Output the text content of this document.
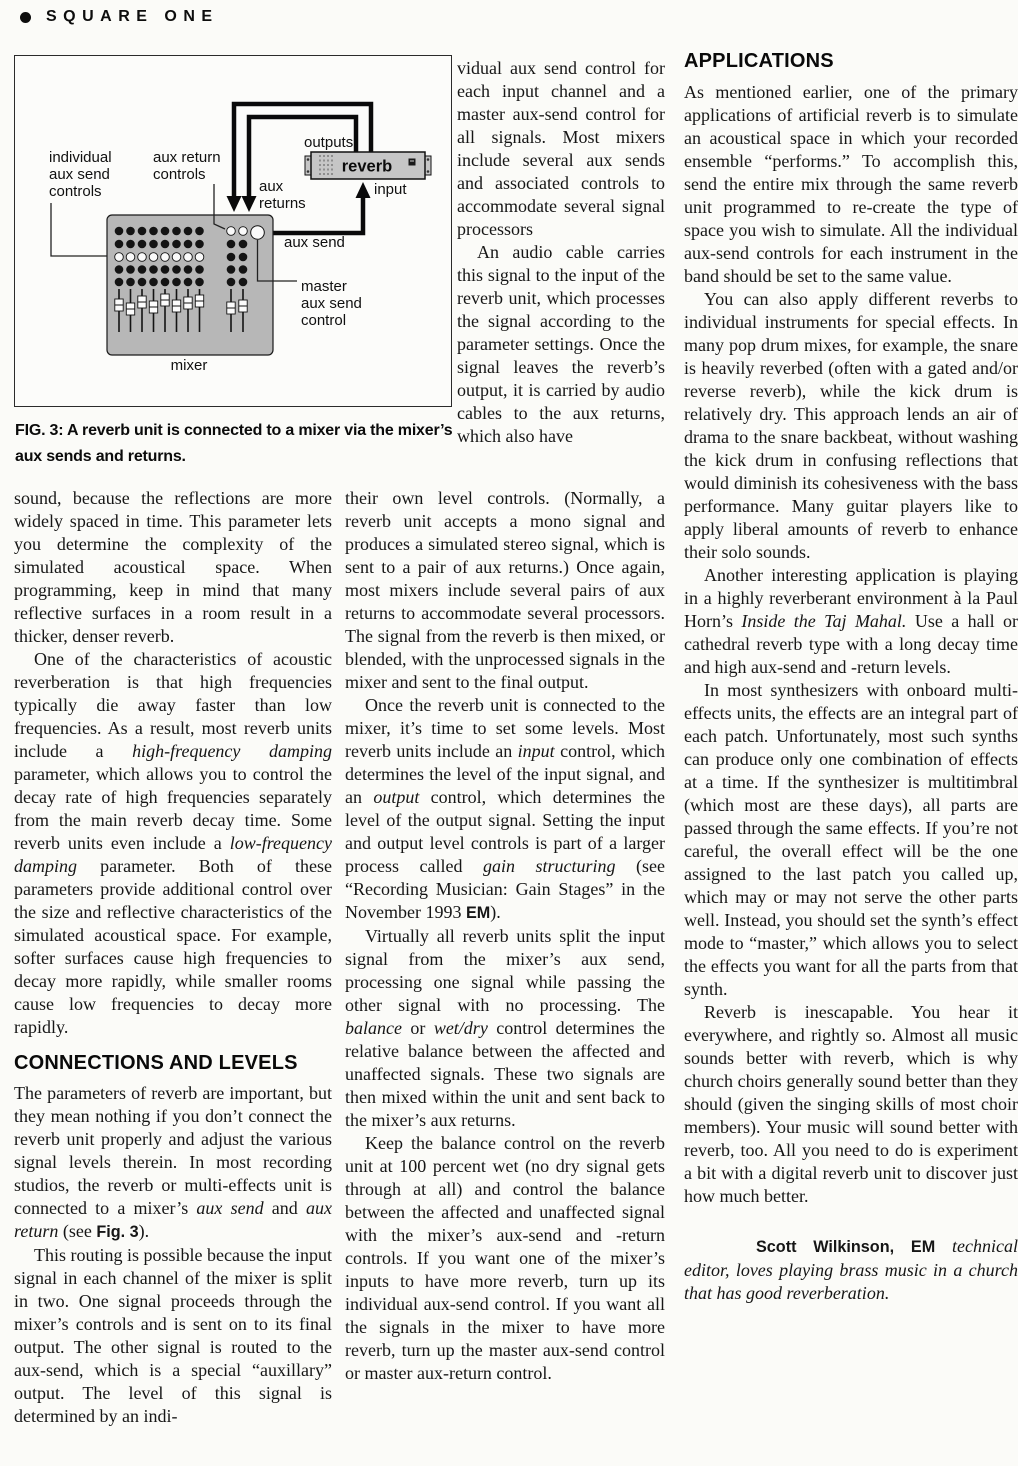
SQUARE ONE
reverb
individual
aux send
controls
aux return
controls
outputs
aux
returns
input
aux send
master
aux send
control
mixer

FIG. 3: A reverb unit is connected to a mixer via the mixer’s aux sends and returns.

sound, because the reflections are more widely spaced in time. This parameter lets you determine the complexity of the simulated acoustical space. When programming, keep in mind that many reflective surfaces in a room result in a thicker, denser reverb.

One of the characteristics of acoustic reverberation is that high frequencies typically die away faster than low frequencies. As a result, most reverb units include a high-frequency damping parameter, which allows you to control the decay rate of high frequencies separately from the main reverb decay time. Some reverb units even include a low-frequency damping parameter. Both of these parameters provide additional control over the size and reflective characteristics of the simulated acoustical space. For example, softer surfaces cause high frequencies to decay more rapidly, while smaller rooms cause low frequencies to decay more rapidly.

CONNECTIONS AND LEVELS

The parameters of reverb are important, but they mean nothing if you don’t connect the reverb unit properly and adjust the various signal levels therein. In most recording studios, the reverb or multi-effects unit is connected to a mixer’s aux send and aux return (see Fig. 3).

This routing is possible because the input signal in each channel of the mixer is split in two. One signal proceeds through the mixer’s controls and is sent on to its final output. The other signal is routed to the aux-send, which is a special “auxillary” output. The level of this signal is determined by an indi-

vidual aux send control for each input channel and a master aux-send control for all signals. Most mixers include several aux sends and associated controls to accommodate several signal processors

An audio cable carries this signal to the input of the reverb unit, which processes the signal according to the parameter settings. Once the signal leaves the reverb’s output, it is carried by audio cables to the aux returns, which also have

their own level controls. (Normally, a reverb unit accepts a mono signal and produces a simulated stereo signal, which is sent to a pair of aux returns.) Once again, most mixers include several pairs of aux returns to accommodate several processors. The signal from the reverb is then mixed, or blended, with the unprocessed signals in the mixer and sent to the final output.

Once the reverb unit is connected to the mixer, it’s time to set some levels. Most reverb units include an input control, which determines the level of the input signal, and an output control, which determines the level of the output signal. Setting the input and output level controls is part of a larger process called gain structuring (see “Recording Musician: Gain Stages” in the November 1993 EM).

Virtually all reverb units split the input signal from the mixer’s aux send, processing one signal while passing the other signal with no processing. The balance or wet/dry control determines the relative balance between the affected and unaffected signals. These two signals are then mixed within the unit and sent back to the mixer’s aux returns.

Keep the balance control on the reverb unit at 100 percent wet (no dry signal gets through at all) and control the balance between the affected and unaffected signal with the mixer’s aux-send and -return controls. If you want one of the mixer’s inputs to have more reverb, turn up its individual aux-send control. If you want all the signals in the mixer to have more reverb, turn up the master aux-send control or master aux-return control.

APPLICATIONS

As mentioned earlier, one of the primary applications of artificial reverb is to simulate an acoustical space in which your recorded ensemble “performs.” To accomplish this, send the entire mix through the same reverb unit programmed to re-create the type of space you wish to simulate. All the individual aux-send controls for each instrument in the band should be set to the same value.

You can also apply different reverbs to individual instruments for special effects. In many pop drum mixes, for example, the snare is heavily reverbed (often with a gated and/or reverse reverb), while the kick drum is relatively dry. This approach lends an air of drama to the snare backbeat, without washing the kick drum in confusing reflections that would diminish its cohesiveness with the bass performance. Many guitar players like to apply liberal amounts of reverb to enhance their solo sounds.

Another interesting application is playing in a highly reverberant environment à la Paul Horn’s Inside the Taj Mahal. Use a hall or cathedral reverb type with a long decay time and high aux-send and -return levels.

In most synthesizers with onboard multi-effects units, the effects are an integral part of each patch. Unfortunately, most such synths can produce only one combination of effects at a time. If the synthesizer is multitimbral (which most are these days), all parts are passed through the same effects. If you’re not careful, the overall effect will be the one assigned to the last patch you called up, which may or may not serve the other parts well. Instead, you should set the synth’s effect mode to “master,” which allows you to select the effects you want for all the parts from that synth.

Reverb is inescapable. You hear it everywhere, and rightly so. Almost all music sounds better with reverb, which is why church choirs generally sound better than they should (given the singing skills of most choir members). Your music will sound better with reverb, too. All you need to do is experiment a bit with a digital reverb unit to discover just how much better.

Scott Wilkinson, EM technical editor, loves playing brass music in a church that has good reverberation.
